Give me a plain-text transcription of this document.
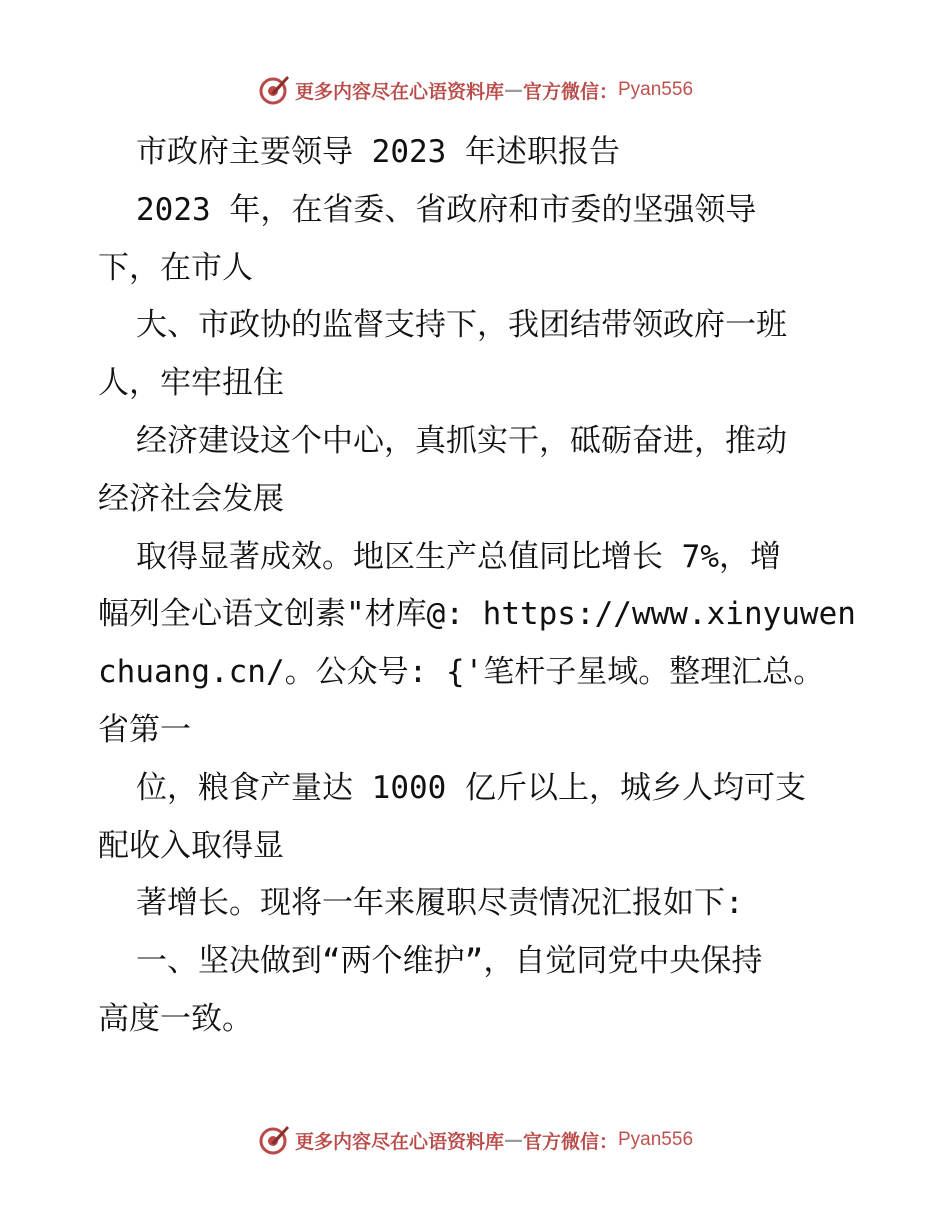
更多内容尽在心语资料库 — 官方微信： Pyan556
市政府主要领导 2023 年述职报告
2023 年，在省委、省政府和市委的坚强领导
下，在市人
大、市政协的监督支持下，我团结带领政府一班
人，牢牢扭住
经济建设这个中心，真抓实干，砥砺奋进，推动
经济社会发展
取得显著成效。地区生产总值同比增长 7%，增
幅列全心语文创素"材库@: https://www.xinyuwen
chuang.cn/。公众号: {'笔杆子星域。整理汇总。
省第一
位，粮食产量达 1000 亿斤以上，城乡人均可支
配收入取得显
著增长。现将一年来履职尽责情况汇报如下:
一、坚决做到“两个维护”，自觉同党中央保持
高度一致。
更多内容尽在心语资料库 — 官方微信： Pyan556
